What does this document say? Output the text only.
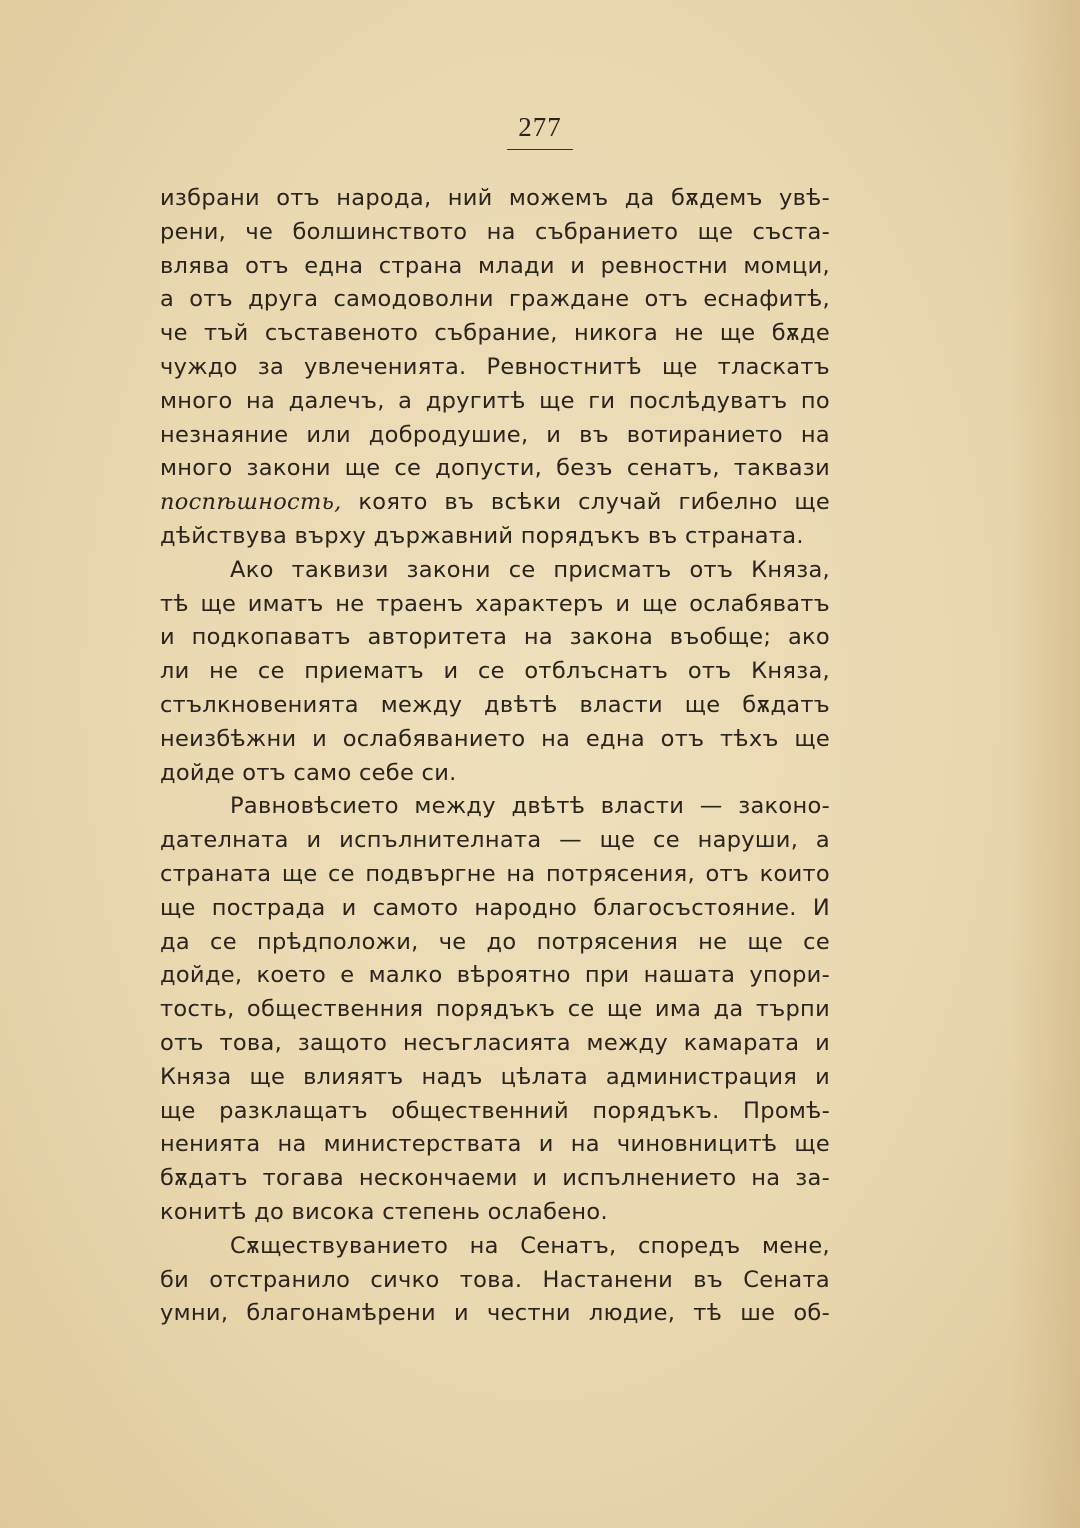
277
избрани отъ народа, ний можемъ да бѫдемъ увѣ-
рени, че болшинството на събранието ще съста-
влява отъ една страна млади и ревностни момци,
а отъ друга самодоволни граждане отъ еснафитѣ,
че тъй съставеното събрание, никога не ще бѫде
чуждо за увлеченията. Ревностнитѣ ще тласкатъ
много на далечъ, а другитѣ ще ги послѣдуватъ по
незнаяние или добродушие, и въ вотиранието на
много закони ще се допусти, безъ сенатъ, таквази
поспѣшность, която въ всѣки случай гибелно ще
дѣйствува върху държавний порядъкъ въ страната.
Ако таквизи закони се присматъ отъ Княза,
тѣ ще иматъ не траенъ характеръ и ще ослабяватъ
и подкопаватъ авторитета на закона въобще; ако
ли не се приематъ и се отблъснатъ отъ Княза,
стълкновенията между двѣтѣ власти ще бѫдатъ
неизбѣжни и ослабяванието на една отъ тѣхъ ще
дойде отъ само себе си.
Равновѣсието между двѣтѣ власти — законо-
дателната и испълнителната — ще се наруши, а
страната ще се подвъргне на потрясения, отъ които
ще пострада и самото народно благосъстояние. И
да се прѣдположи, че до потрясения не ще се
дойде, което е малко вѣроятно при нашата упори-
тость, общественния порядъкъ се ще има да търпи
отъ това, защото несъгласията между камарата и
Княза ще влияятъ надъ цѣлата администрация и
ще разклащатъ общественний порядъкъ. Промѣ-
ненията на министерствата и на чиновницитѣ ще
бѫдатъ тогава нескончаеми и испълнението на за-
конитѣ до висока степень ослабено.
Сѫществуванието на Сенатъ, споредъ мене,
би отстранило сичко това. Настанени въ Сената
умни, благонамѣрени и честни людие, тѣ ше об-
